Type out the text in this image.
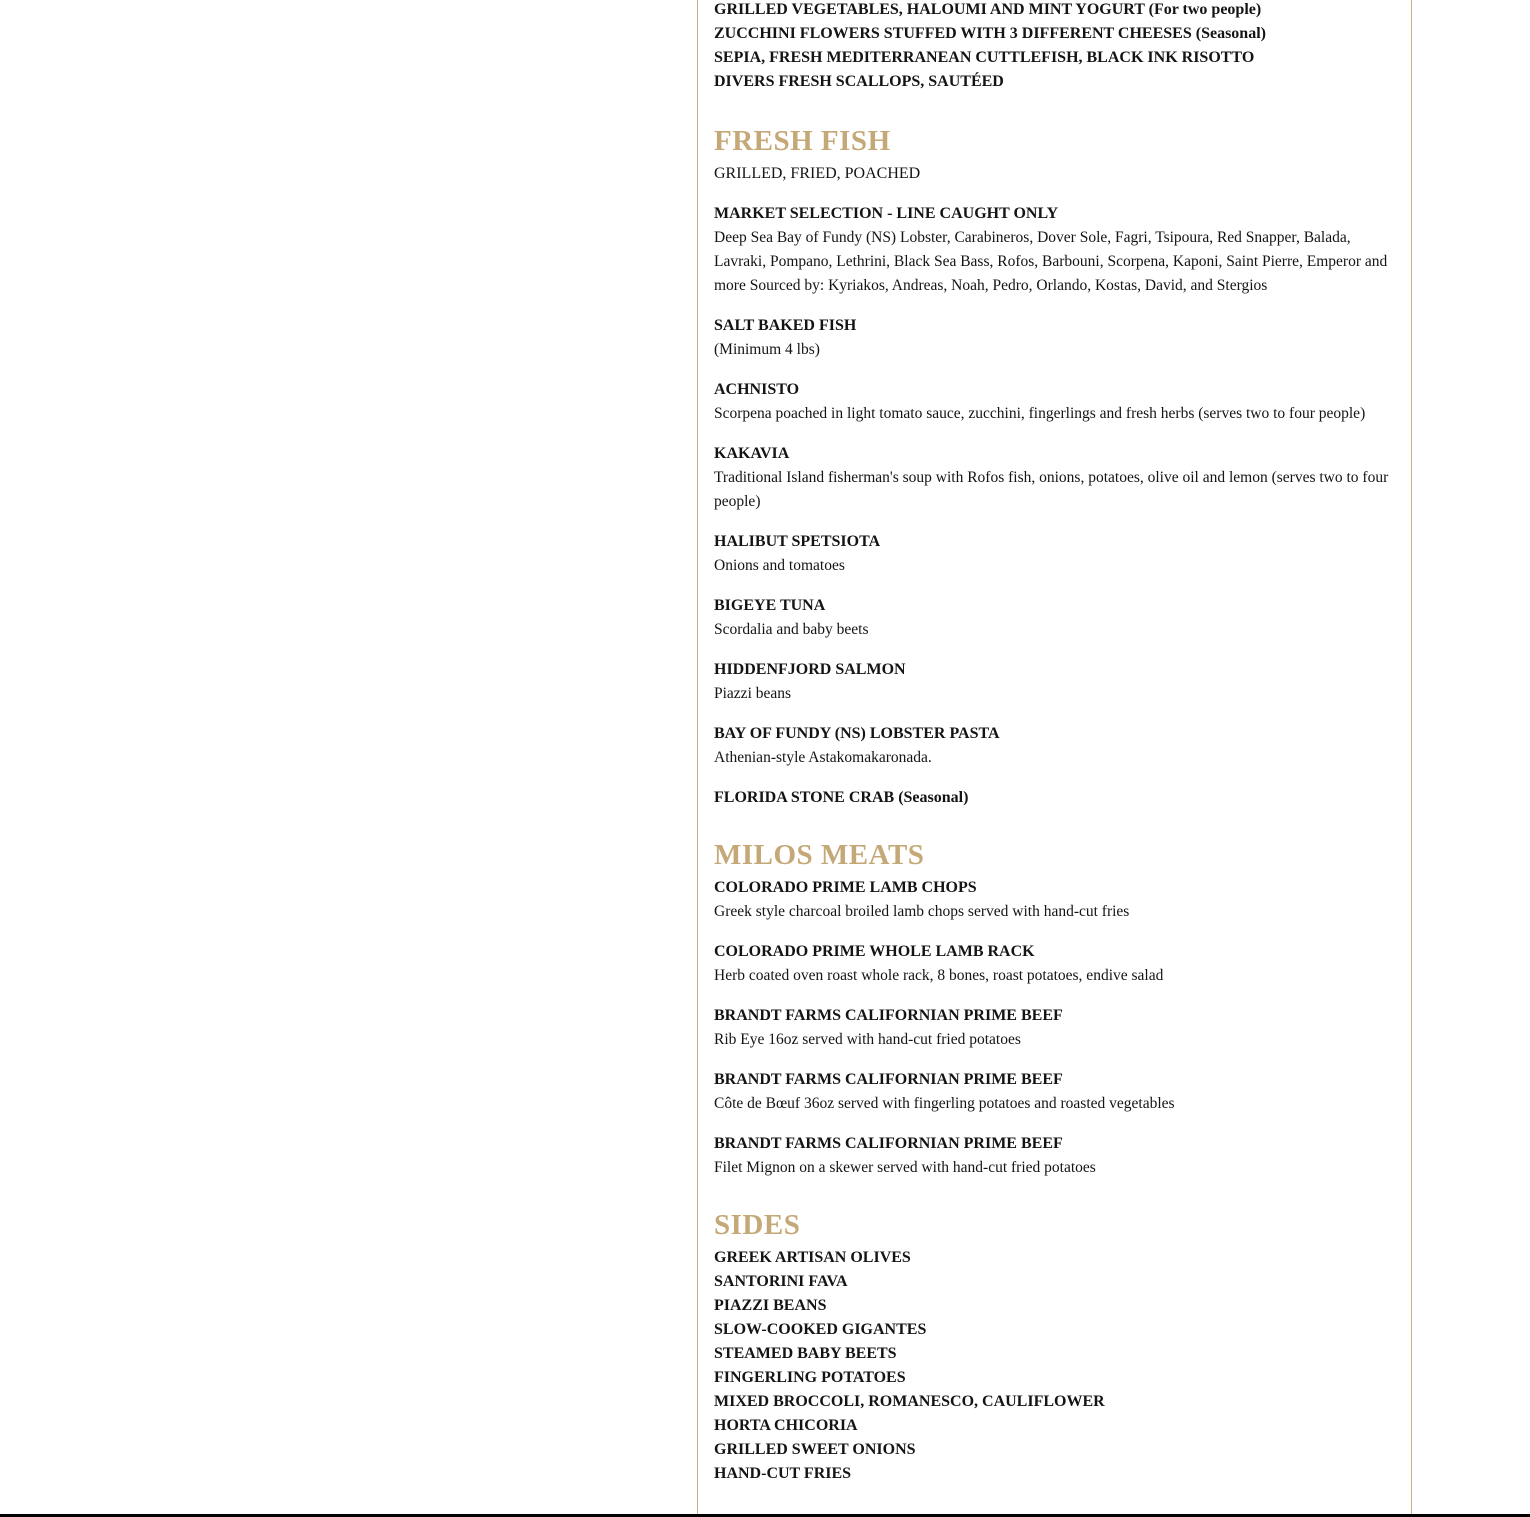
GRILLED VEGETABLES, HALOUMI AND MINT YOGURT (For two people)
ZUCCHINI FLOWERS STUFFED WITH 3 DIFFERENT CHEESES (Seasonal)
SEPIA, FRESH MEDITERRANEAN CUTTLEFISH, BLACK INK RISOTTO
DIVERS FRESH SCALLOPS, SAUTÉED
FRESH FISH
GRILLED, FRIED, POACHED
MARKET SELECTION - LINE CAUGHT ONLY
Deep Sea Bay of Fundy (NS) Lobster, Carabineros, Dover Sole, Fagri, Tsipoura, Red Snapper, Balada, Lavraki, Pompano, Lethrini, Black Sea Bass, Rofos, Barbouni, Scorpena, Kaponi, Saint Pierre, Emperor and more Sourced by: Kyriakos, Andreas, Noah, Pedro, Orlando, Kostas, David, and Stergios
SALT BAKED FISH
(Minimum 4 lbs)
ACHNISTO
Scorpena poached in light tomato sauce, zucchini, fingerlings and fresh herbs (serves two to four people)
KAKAVIA
Traditional Island fisherman's soup with Rofos fish, onions, potatoes, olive oil and lemon (serves two to four people)
HALIBUT SPETSIOTA
Onions and tomatoes
BIGEYE TUNA
Scordalia and baby beets
HIDDENFJORD SALMON
Piazzi beans
BAY OF FUNDY (NS) LOBSTER PASTA
Athenian-style Astakomakaronada.
FLORIDA STONE CRAB (Seasonal)
MILOS MEATS
COLORADO PRIME LAMB CHOPS
Greek style charcoal broiled lamb chops served with hand-cut fries
COLORADO PRIME WHOLE LAMB RACK
Herb coated oven roast whole rack, 8 bones, roast potatoes, endive salad
BRANDT FARMS CALIFORNIAN PRIME BEEF
Rib Eye 16oz served with hand-cut fried potatoes
BRANDT FARMS CALIFORNIAN PRIME BEEF
Côte de Bœuf 36oz served with fingerling potatoes and roasted vegetables
BRANDT FARMS CALIFORNIAN PRIME BEEF
Filet Mignon on a skewer served with hand-cut fried potatoes
SIDES
GREEK ARTISAN OLIVES
SANTORINI FAVA
PIAZZI BEANS
SLOW-COOKED GIGANTES
STEAMED BABY BEETS
FINGERLING POTATOES
MIXED BROCCOLI, ROMANESCO, CAULIFLOWER
HORTA CHICORIA
GRILLED SWEET ONIONS
HAND-CUT FRIES
